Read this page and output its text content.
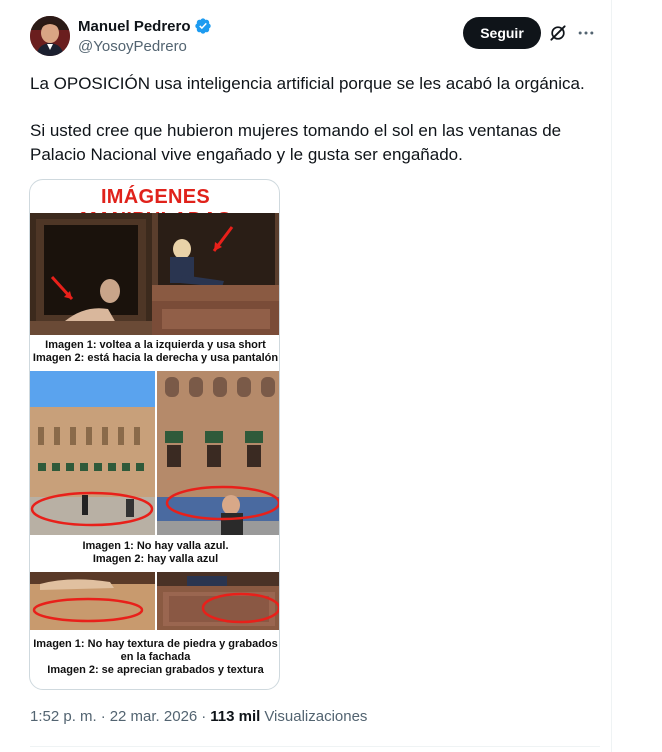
Manuel Pedrero
@YosoyPedrero
Seguir

La OPOSICIÓN usa inteligencia artificial porque se les acabó la orgánica.

Si usted cree que hubieron mujeres tomando el sol en las ventanas de Palacio Nacional vive engañado y le gusta ser engañado.

IMÁGENES
Imagen 1: voltea a la izquierda y usa short
Imagen 2: está hacia la derecha y usa pantalón
Imagen 1: No hay valla azul.
Imagen 2: hay valla azul
Imagen 1: No hay textura de piedra y grabados
en la fachada
Imagen 2: se aprecian grabados y textura
1:52 p. m. · 22 mar. 2026 · 113 mil Visualizaciones
